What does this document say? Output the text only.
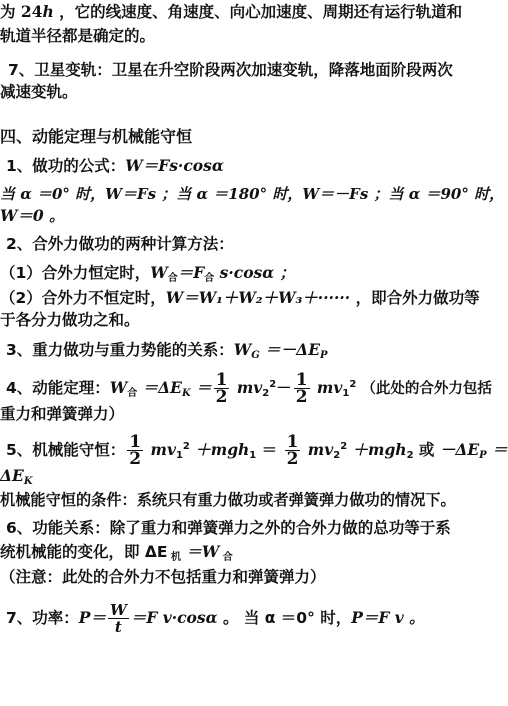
为 24h ，它的线速度、角速度、向心加速度、周期还有运行轨道和
轨道半径都是确定的。
7、卫星变轨：卫星在升空阶段两次加速变轨，降落地面阶段两次
减速变轨。
四、动能定理与机械能守恒
1、做功的公式：W＝Fs·cosα
当 α ＝0° 时，W＝Fs ；当 α ＝180° 时，W＝－Fs ；当 α ＝90° 时，
W＝0 。
2、合外力做功的两种计算方法：
（1）合外力恒定时，$W_合=F_合$ s·cosα ；
（2）合外力不恒定时，W＝W₁＋W₂＋W₃＋······ ，即合外力做功等
于各分力做功之和。
3、重力做功与重力势能的关系：WG ＝－ΔEP
4、动能定理：$W_合 =\Delta EK = \frac{1}{2} mv_2^2- \frac{1}{2} mv_1^2$ （此处的合外力包括
重力和弹簧弹力）
5、机械能守恒： $\frac{1}{2} mv_1^2 +mgh_1 = \frac{1}{2} mv_2^2 +mgh_2$ 或 －ΔEP ＝
ΔEK
机械能守恒的条件：系统只有重力做功或者弹簧弹力做功的情况下。
6、功能关系：除了重力和弹簧弹力之外的合外力做的总功等于系
统机械能的变化，即 ΔE $_机$ ＝W $_合$
（注意：此处的合外力不包括重力和弹簧弹力）
7、功率：$P= \frac{W}{t} =F$ v·cosα 。 当 α ＝0° 时，P＝F v 。
